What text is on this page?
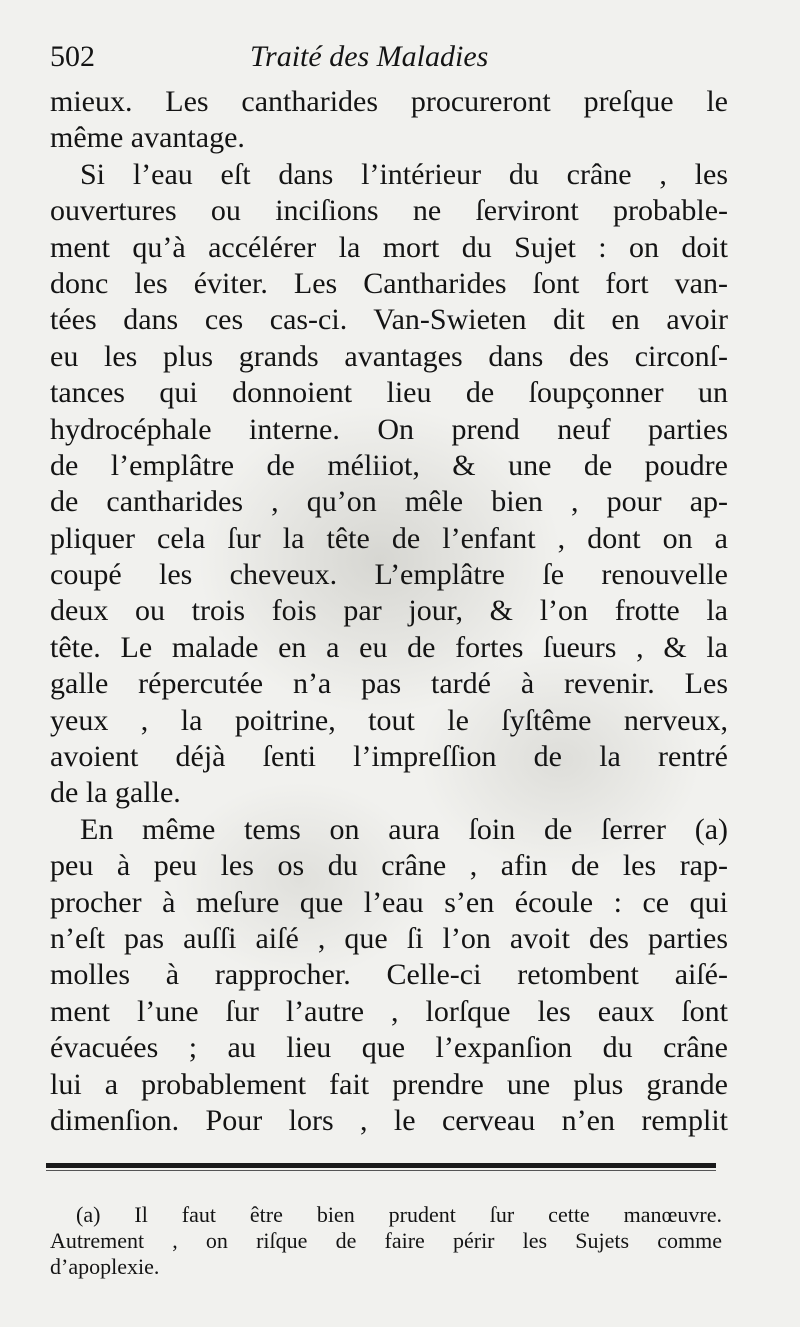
502	Traité des Maladies
mieux. Les cantharides procureront preſque le
même avantage.
Si l’eau eſt dans l’intérieur du crâne , les
ouvertures ou inciſions ne ſerviront probable-
ment qu’à accélérer la mort du Sujet : on doit
donc les éviter. Les Cantharides ſont fort van-
tées dans ces cas-ci. Van-Swieten dit en avoir
eu les plus grands avantages dans des circonſ-
tances qui donnoient lieu de ſoupçonner un
hydrocéphale interne. On prend neuf parties
de l’emplâtre de méliiot, & une de poudre
de cantharides , qu’on mêle bien , pour ap-
pliquer cela ſur la tête de l’enfant , dont on a
coupé les cheveux. L’emplâtre ſe renouvelle
deux ou trois fois par jour, & l’on frotte la
tête. Le malade en a eu de fortes ſueurs , & la
galle répercutée n’a pas tardé à revenir. Les
yeux , la poitrine, tout le ſyſtême nerveux,
avoient déjà ſenti l’impreſſion de la rentré
de la galle.
En même tems on aura ſoin de ſerrer (a)
peu à peu les os du crâne , afin de les rap-
procher à meſure que l’eau s’en écoule : ce qui
n’eſt pas auſſi aiſé , que ſi l’on avoit des parties
molles à rapprocher. Celle-ci retombent aiſé-
ment l’une ſur l’autre , lorſque les eaux ſont
évacuées ; au lieu que l’expanſion du crâne
lui a probablement fait prendre une plus grande
dimenſion. Pour lors , le cerveau n’en remplit
(a) Il faut être bien prudent ſur cette manœuvre.
Autrement , on riſque de faire périr les Sujets comme
d’apoplexie.
